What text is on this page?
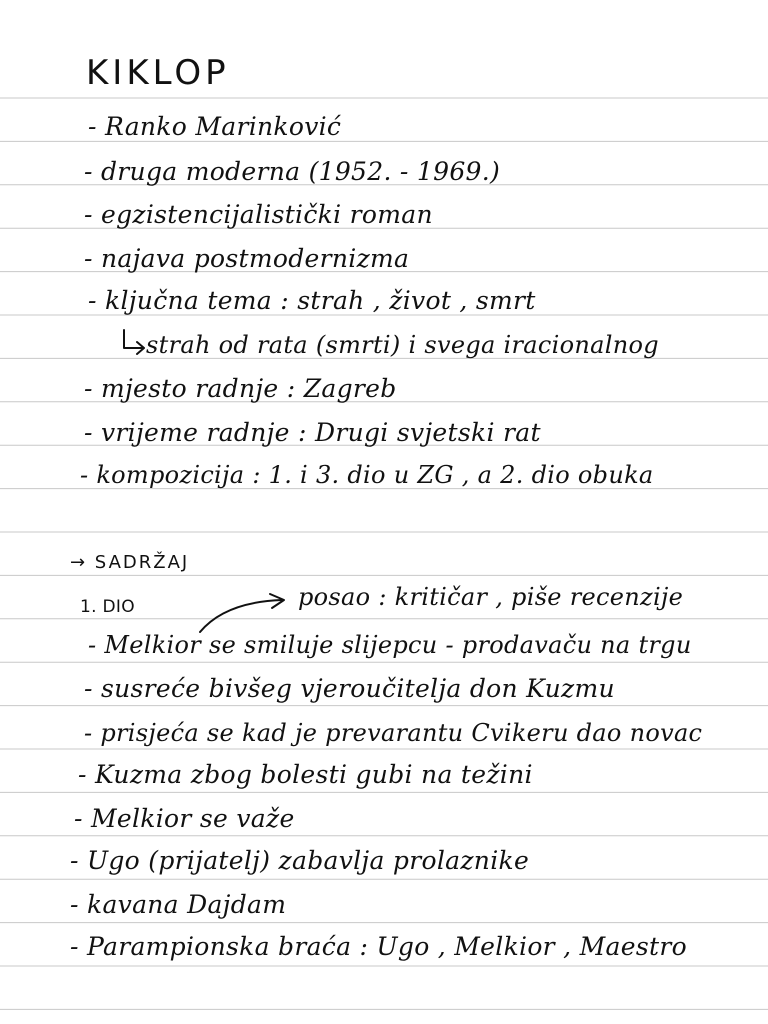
KIKLOP
- Ranko Marinković
- druga moderna (1952. - 1969.)
- egzistencijalistički roman
- najava postmodernizma
- ključna tema : strah , život , smrt
strah od rata (smrti) i svega iracionalnog
- mjesto radnje : Zagreb
- vrijeme radnje : Drugi svjetski rat
- kompozicija : 1. i 3. dio u ZG , a 2. dio obuka
→ SADRŽAJ
1. DIO	posao : kritičar , piše recenzije
- Melkior se smiluje slijepcu - prodavaču na trgu
- susreće bivšeg vjeroučitelja don Kuzmu
- prisjeća se kad je prevarantu Cvikeru dao novac
- Kuzma zbog bolesti gubi na težini
- Melkior se važe
- Ugo (prijatelj) zabavlja prolaznike
- kavana Dajdam
- Parampionska braća : Ugo , Melkior , Maestro
